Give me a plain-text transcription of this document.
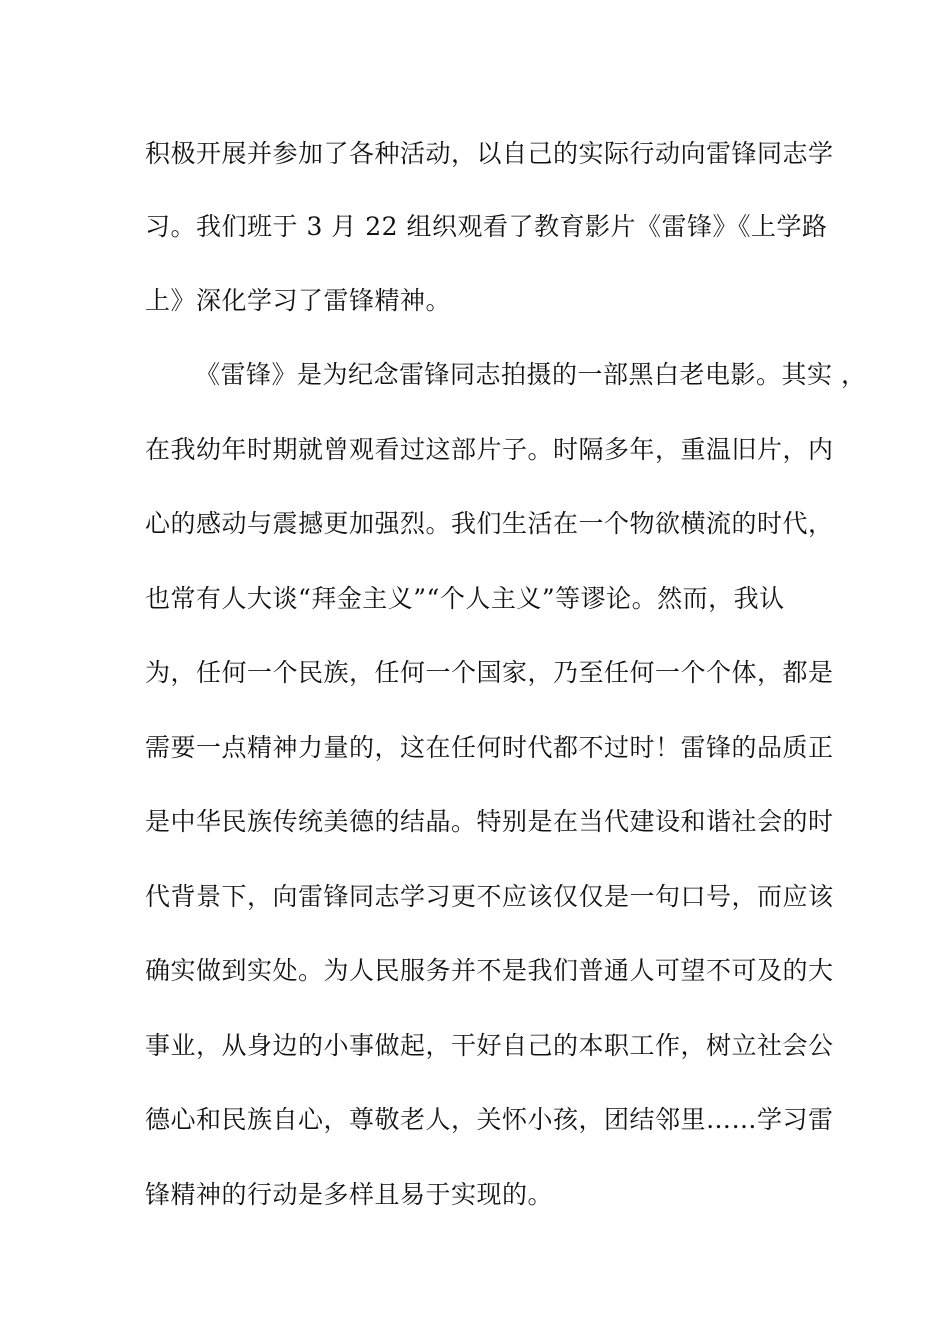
积极开展并参加了各种活动，以自己的实际行动向雷锋同志学
习。我们班于 3 月 22 组织观看了教育影片《雷锋》《上学路
上》深化学习了雷锋精神。
《雷锋》是为纪念雷锋同志拍摄的一部黑白老电影。其实 ，
在我幼年时期就曾观看过这部片子。时隔多年，重温旧片，内
心的感动与震撼更加强烈。我们生活在一个物欲横流的时代，
也常有人大谈“拜金主义”“个人主义”等谬论。然而，我认
为，任何一个民族，任何一个国家，乃至任何一个个体，都是
需要一点精神力量的，这在任何时代都不过时！雷锋的品质正
是中华民族传统美德的结晶。特别是在当代建设和谐社会的时
代背景下，向雷锋同志学习更不应该仅仅是一句口号，而应该
确实做到实处。为人民服务并不是我们普通人可望不可及的大
事业，从身边的小事做起，干好自己的本职工作，树立社会公
德心和民族自心，尊敬老人，关怀小孩，团结邻里……学习雷
锋精神的行动是多样且易于实现的。
